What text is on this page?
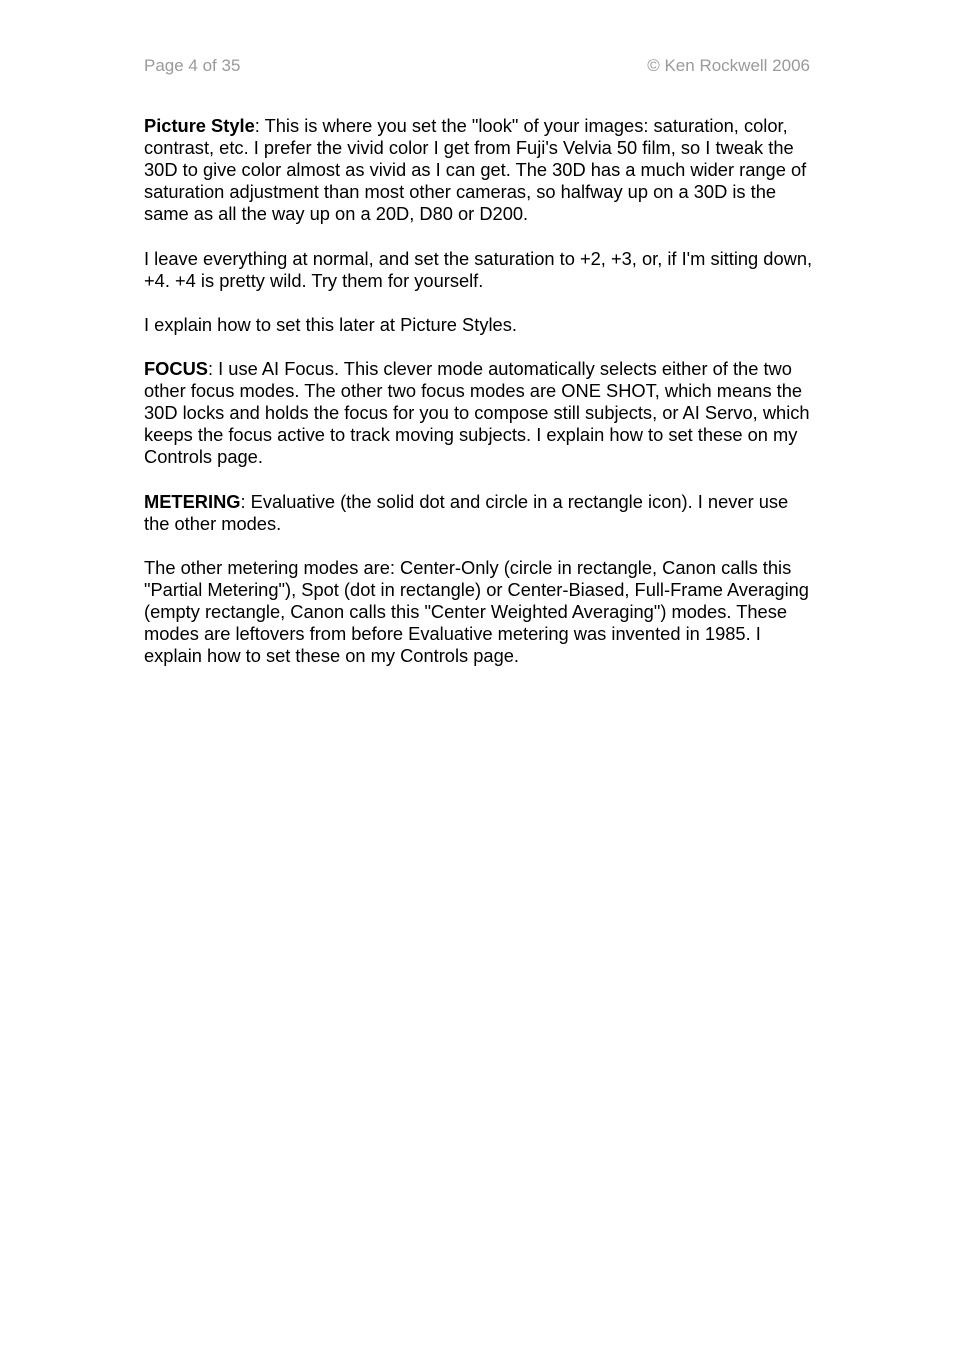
Page 4 of 35	© Ken Rockwell 2006

Picture Style: This is where you set the "look" of your images: saturation, color, contrast, etc. I prefer the vivid color I get from Fuji's Velvia 50 film, so I tweak the 30D to give color almost as vivid as I can get. The 30D has a much wider range of saturation adjustment than most other cameras, so halfway up on a 30D is the same as all the way up on a 20D, D80 or D200.

I leave everything at normal, and set the saturation to +2, +3, or, if I'm sitting down, +4. +4 is pretty wild. Try them for yourself.

I explain how to set this later at Picture Styles.

FOCUS: I use AI Focus. This clever mode automatically selects either of the two other focus modes. The other two focus modes are ONE SHOT, which means the 30D locks and holds the focus for you to compose still subjects, or AI Servo, which keeps the focus active to track moving subjects. I explain how to set these on my Controls page.

METERING: Evaluative (the solid dot and circle in a rectangle icon). I never use the other modes.

The other metering modes are: Center-Only (circle in rectangle, Canon calls this "Partial Metering"), Spot (dot in rectangle) or Center-Biased, Full-Frame Averaging (empty rectangle, Canon calls this "Center Weighted Averaging") modes. These modes are leftovers from before Evaluative metering was invented in 1985. I explain how to set these on my Controls page.
